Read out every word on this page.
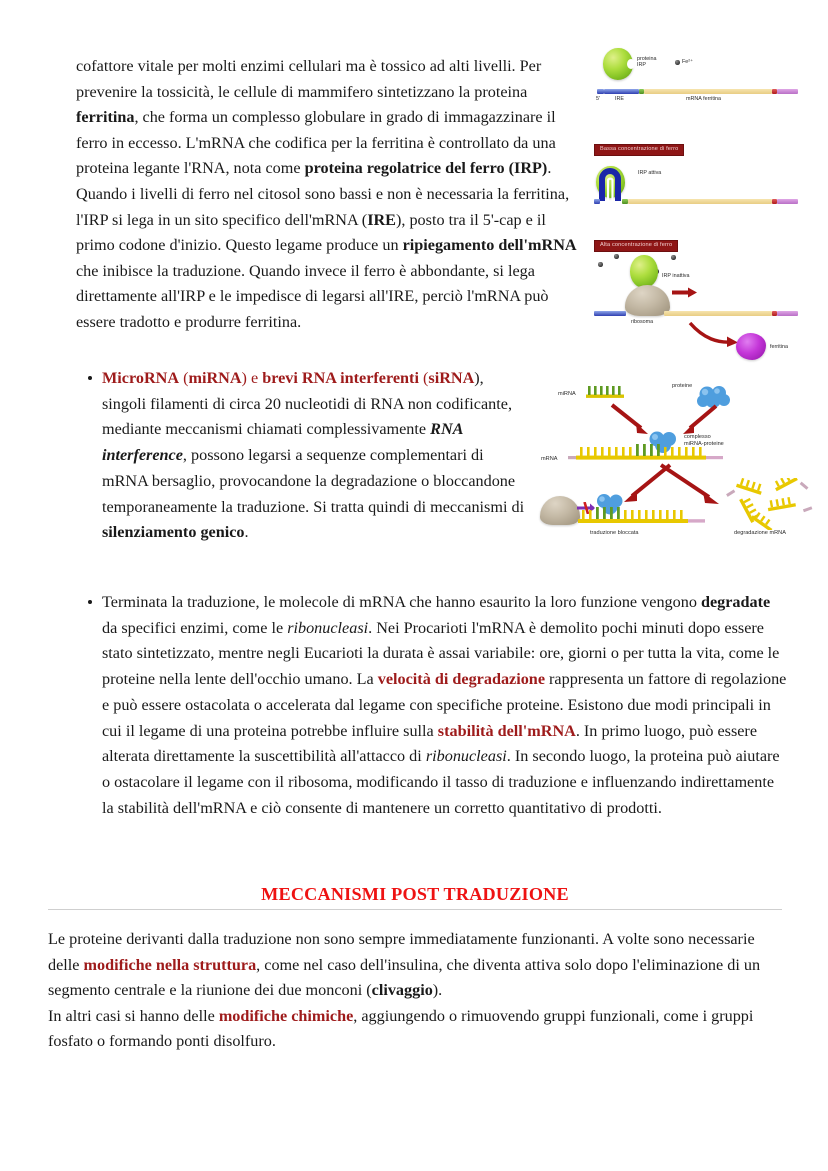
cofattore vitale per molti enzimi cellulari ma è tossico ad alti livelli. Per prevenire la tossicità, le cellule di mammifero sintetizzano la proteina ferritina, che forma un complesso globulare in grado di immagazzinare il ferro in eccesso. L'mRNA che codifica per la ferritina è controllato da una proteina legante l'RNA, nota come proteina regolatrice del ferro (IRP). Quando i livelli di ferro nel citosol sono bassi e non è necessaria la ferritina, l'IRP si lega in un sito specifico dell'mRNA (IRE), posto tra il 5'-cap e il primo codone d'inizio. Questo legame produce un ripiegamento dell'mRNA che inibisce la traduzione. Quando invece il ferro è abbondante, si lega direttamente all'IRP e le impedisce di legarsi all'IRE, perciò l'mRNA può essere tradotto e produrre ferritina.
proteina
IRP
Fe²⁺
5'	IRE	mRNA ferritina
Bassa concentrazione di ferro
IRP attiva
Alta concentrazione di ferro
IRP inattiva
ribosoma
ferritina
MicroRNA (miRNA) e brevi RNA interferenti (siRNA), singoli filamenti di circa 20 nucleotidi di RNA non codificante, mediante meccanismi chiamati complessivamente RNA interference, possono legarsi a sequenze complementari di mRNA bersaglio, provocandone la degradazione o bloccandone temporaneamente la traduzione. Si tratta quindi di meccanismi di silenziamento genico.
miRNA
proteine
complesso
miRNA-proteine
mRNA
traduzione bloccata	degradazione mRNA
Terminata la traduzione, le molecole di mRNA che hanno esaurito la loro funzione vengono degradate da specifici enzimi, come le ribonucleasi. Nei Procarioti l'mRNA è demolito pochi minuti dopo essere stato sintetizzato, mentre negli Eucarioti la durata è assai variabile: ore, giorni o per tutta la vita, come le proteine nella lente dell'occhio umano. La velocità di degradazione rappresenta un fattore di regolazione e può essere ostacolata o accelerata dal legame con specifiche proteine. Esistono due modi principali in cui il legame di una proteina potrebbe influire sulla stabilità dell'mRNA. In primo luogo, può essere alterata direttamente la suscettibilità all'attacco di ribonucleasi. In secondo luogo, la proteina può aiutare o ostacolare il legame con il ribosoma, modificando il tasso di traduzione e influenzando indirettamente la stabilità dell'mRNA e ciò consente di mantenere un corretto quantitativo di prodotti.
MECCANISMI POST TRADUZIONE
Le proteine derivanti dalla traduzione non sono sempre immediatamente funzionanti. A volte sono necessarie delle modifiche nella struttura, come nel caso dell'insulina, che diventa attiva solo dopo l'eliminazione di un segmento centrale e la riunione dei due monconi (clivaggio).
In altri casi si hanno delle modifiche chimiche, aggiungendo o rimuovendo gruppi funzionali, come i gruppi fosfato o formando ponti disolfuro.
